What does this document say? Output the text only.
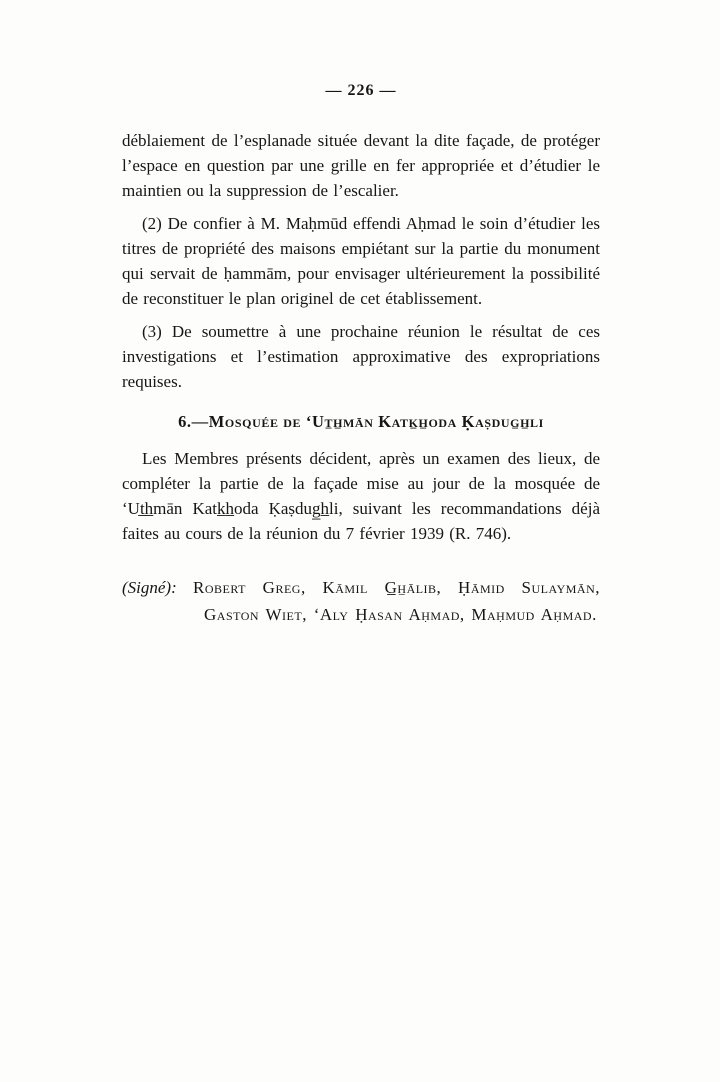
— 226 —

déblaiement de l’esplanade située devant la dite façade, de protéger l’espace en question par une grille en fer appropriée et d’étudier le maintien ou la suppression de l’escalier.

(2) De confier à M. Maḥmūd effendi Aḥmad le soin d’étudier les titres de propriété des maisons empiétant sur la partie du monument qui servait de ḥammām, pour envisager ultérieurement la possibilité de reconstituer le plan originel de cet établissement.

(3) De soumettre à une prochaine réunion le résultat de ces investigations et l’estimation approximative des expropriations requises.

6.—Mosquée de ‘Ut̲h̲mān Katk̲h̲oda Ḳaṣdug̲h̲li

Les Membres présents décident, après un examen des lieux, de compléter la partie de la façade mise au jour de la mosquée de ‘Ut̲h̲mān Katk̲h̲oda Ḳaṣdug̲h̲li, suivant les recommandations déjà faites au cours de la réunion du 7 février 1939 (R. 746).

(Signé): Robert Greg, Kāmil G̲h̲ālib, Ḥāmid Sulaymān, Gaston Wiet, ‘Aly Ḥasan Aḥmad, Maḥmud Aḥmad.
